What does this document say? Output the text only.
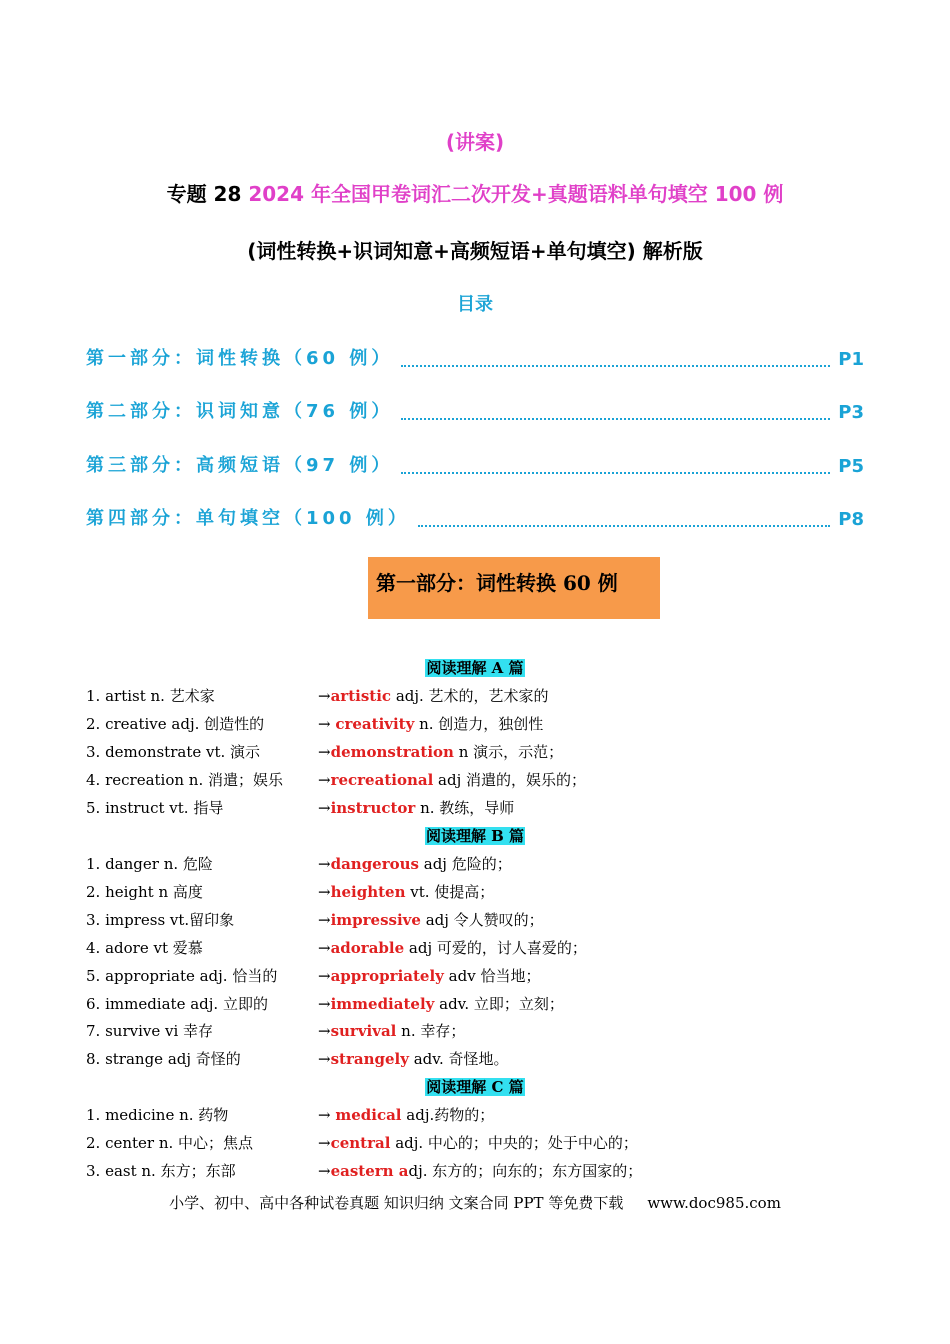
(讲案)
专题 28 2024 年全国甲卷词汇二次开发+真题语料单句填空 100 例
(词性转换+识词知意+高频短语+单句填空) 解析版
目录
第一部分：词性转换（60 例）	P1
第二部分：识词知意（76 例）	P3
第三部分：高频短语（97 例）	P5
第四部分：单句填空（100 例）	P8
第一部分：词性转换 60 例
阅读理解 A 篇
1. artist n. 艺术家	→artistic adj. 艺术的，艺术家的
2. creative adj. 创造性的	→ creativity n. 创造力，独创性
3. demonstrate vt. 演示	→demonstration n 演示，示范；
4. recreation n. 消遣；娱乐 →recreational adj 消遣的，娱乐的；
5. instruct vt. 指导	→instructor n. 教练，导师
阅读理解 B 篇
1. danger n. 危险	→dangerous adj 危险的；
2. height n 高度	→heighten vt. 使提高；
3. impress vt.留印象	→impressive adj 令人赞叹的；
4. adore vt 爱慕	→adorable adj 可爱的，讨人喜爱的；
5. appropriate adj. 恰当的	→appropriately adv 恰当地；
6. immediate adj. 立即的	→immediately adv. 立即；立刻；
7. survive vi 幸存	→survival n. 幸存；
8. strange adj 奇怪的	→strangely adv. 奇怪地。
阅读理解 C 篇
1. medicine n. 药物	→ medical adj.药物的；
2. center n. 中心；焦点	→central adj. 中心的；中央的；处于中心的；
3. east n. 东方；东部	→eastern adj. 东方的；向东的；东方国家的；
小学、初中、高中各种试卷真题 知识归纳 文案合同 PPT 等免费下载 www.doc985.com
